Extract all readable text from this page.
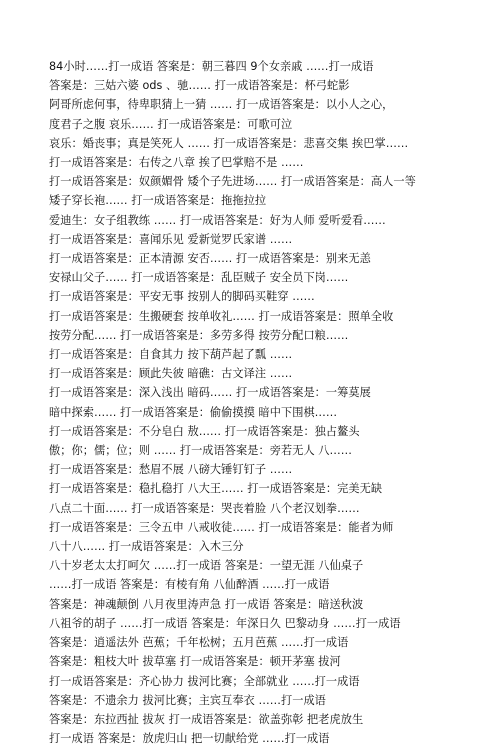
84小时……打一成语 答案是：朝三暮四 9个女亲戚 ……打一成语
答案是：三姑六婆 ods 、驰…… 打一成语答案是：杯弓蛇影
阿哥所虑何事，待卑职猜上一猜 …… 打一成语答案是：以小人之心，
度君子之腹 哀乐…… 打一成语答案是：可歌可泣
哀乐：婚丧事；真是笑死人 …… 打一成语答案是：悲喜交集 挨巴掌……
打一成语答案是：右传之八章 挨了巴掌赔不是 ……
打一成语答案是：奴颜媚骨 矮个子先进场…… 打一成语答案是：高人一等
矮子穿长袍…… 打一成语答案是：拖拖拉拉
爱迪生：女子组教练 …… 打一成语答案是：好为人师 爱听爱看……
打一成语答案是：喜闻乐见 爱新觉罗氏家谱 ……
打一成语答案是：正本清源 安否…… 打一成语答案是：别来无恙
安禄山父子…… 打一成语答案是：乱臣贼子 安全员下岗……
打一成语答案是：平安无事 按别人的脚码买鞋穿 ……
打一成语答案是：生搬硬套 按单收礼…… 打一成语答案是：照单全收
按劳分配…… 打一成语答案是：多劳多得 按劳分配口粮……
打一成语答案是：自食其力 按下葫芦起了瓢 ……
打一成语答案是：顾此失彼 暗礁：古文译注 ……
打一成语答案是：深入浅出 暗码…… 打一成语答案是：一筹莫展
暗中探索…… 打一成语答案是：偷偷摸摸 暗中下围棋……
打一成语答案是：不分皂白 敖…… 打一成语答案是：独占鳌头
傲；你；儒；位；则 …… 打一成语答案是：旁若无人 八……
打一成语答案是：愁眉不展 八磅大锤钉钉子 ……
打一成语答案是：稳扎稳打 八大王…… 打一成语答案是：完美无缺
八点二十面…… 打一成语答案是：哭丧着脸 八个老汉划拳……
打一成语答案是：三令五申 八戒收徒…… 打一成语答案是：能者为师
八十八…… 打一成语答案是：入木三分
八十岁老太太打呵欠 ……打一成语 答案是：一望无涯 八仙桌子
……打一成语 答案是：有棱有角 八仙醉酒 ……打一成语
答案是：神魂颠倒 八月夜里涛声急 打一成语 答案是：暗送秋波
八祖爷的胡子 ……打一成语 答案是：年深日久 巴黎动身 ……打一成语
答案是：逍遥法外 芭蕉；千年松树；五月芭蕉 ……打一成语
答案是：粗枝大叶 拔草塞 打一成语答案是：顿开茅塞 拔河
打一成语答案是：齐心协力 拔河比赛；全部就业 ……打一成语
答案是：不遗余力 拔河比赛；主宾互奉衣 ……打一成语
答案是：东拉西扯 拔灰 打一成语答案是：欲盖弥彰 把老虎放生
打一成语 答案是：放虎归山 把一切献给党 ……打一成语
